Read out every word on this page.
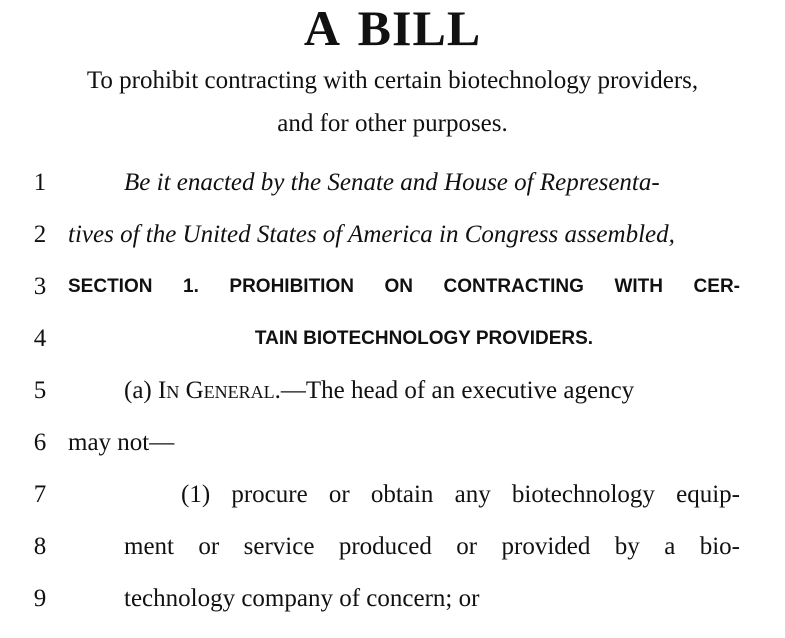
A BILL
To prohibit contracting with certain biotechnology providers,
and for other purposes.
1	Be it enacted by the Senate and House of Representa-
2 tives of the United States of America in Congress assembled,
3	SECTION 1. PROHIBITION ON CONTRACTING WITH CER-
4	TAIN BIOTECHNOLOGY PROVIDERS.
5	(a) In General.—The head of an executive agency
6 may not—
7	(1) procure or obtain any biotechnology equip-
8	ment or service produced or provided by a bio-
9	technology company of concern; or
